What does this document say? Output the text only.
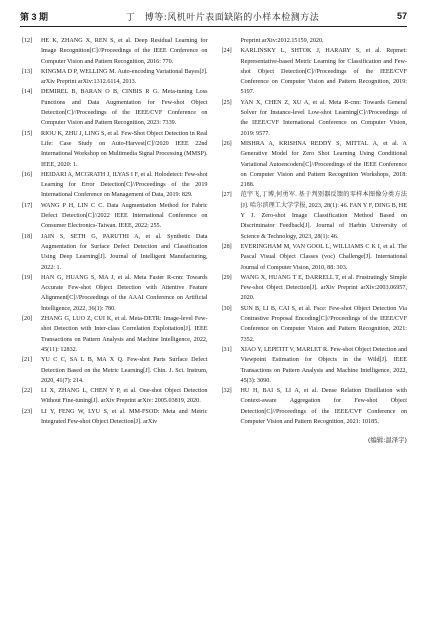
第 3 期	丁　博等:风机叶片表面缺陷的小样本检测方法	57
[12]	HE K, ZHANG X, REN S, et al. Deep Residual Learning for Image Recognition[C]//Proceedings of the IEEE Conference on Computer Vision and Pattern Recognition, 2016: 770.
[13]	KINGMA D P, WELLING M. Auto-encoding Variational Bayes[J]. arXiv Preprint arXiv:1312.6114, 2013.
[14]	DEMIREL B, BARAN O B, CINBIS R G. Meta-tuning Loss Functions and Data Augmentation for Few-shot Object Detection[C]//Proceedings of the IEEE/CVF Conference on Computer Vision and Pattern Recognition, 2023: 7339.
[15]	RIOU K, ZHU J, LING S, et al. Few-Shot Object Detection in Real Life: Case Study on Auto-Harvest[C]//2020 IEEE 22nd International Workshop on Multimedia Signal Processing (MMSP). IEEE, 2020: 1.
[16]	HEIDARI A, MCGRATH J, ILYAS I F, et al. Holodetect: Few-shot Learning for Error Detection[C]//Proceedings of the 2019 International Conference on Management of Data, 2019: 829.
[17]	WANG P H, LIN C C. Data Augmentation Method for Fabric Defect Detection[C]//2022 IEEE International Conference on Consumer Electronics-Taiwan. IEEE, 2022: 255.
[18]	JAIN S, SETH G, PARUTHI A, et al. Synthetic Data Augmentation for Surface Defect Detection and Classification Using Deep Learning[J]. Journal of Intelligent Manufacturing, 2022: 1.
[19]	HAN G, HUANG S, MA J, et al. Meta Faster R-cnn: Towards Accurate Few-shot Object Detection with Attentive Feature Alignment[C]//Proceedings of the AAAI Conference on Artificial Intelligence, 2022, 36(1): 780.
[20]	ZHANG G, LUO Z, CUI K, et al. Meta-DETR: Image-level Few-shot Detection with Inter-class Correlation Exploitation[J]. IEEE Transactions on Pattern Analysis and Machine Intelligence, 2022, 45(11): 12832.
[21]	YU C C, SA L B, MA X Q. Few-shot Parts Surface Defect Detection Based on the Metric Learning[J]. Chin. J. Sci. Instrum, 2020, 41(7): 214.
[22]	LI X, ZHANG L, CHEN Y P, et al. One-shot Object Detection Without Fine-tuning[J]. arXiv Preprint arXiv: 2005.03819, 2020.
[23]	LI Y, FENG W, LYU S, et al. MM-FSOD: Meta and Metric Integrated Few-shot Object Detection[J]. arXiv
Preprint arXiv:2012.15159, 2020.
[24]	KARLINSKY L, SHTOK J, HARARY S, et al. Repmet: Representative-based Metric Learning for Classification and Few-shot Object Detection[C]//Proceedings of the IEEE/CVF Conference on Computer Vision and Pattern Recognition, 2019: 5197.
[25]	YAN X, CHEN Z, XU A, et al. Meta R-cnn: Towards General Solver for Instance-level Low-shot Learning[C]//Proceedings of the IEEE/CVF International Conference on Computer Vision, 2019: 9577.
[26]	MISHRA A, KRISHNA REDDY S, MITTAL A, et al. A Generative Model for Zero Shot Learning Using Conditional Variational Autoencoders[C]//Proceedings of the IEEE Conference on Computer Vision and Pattern Recognition Workshops, 2018: 2188.
[27]	范宇飞,丁博,何勇军. 基于判别器反馈的零样本图像分类方法[J]. 哈尔滨理工大学学报, 2023, 28(1): 46. FAN Y F, DING B, HE Y J. Zero-shot Image Classification Method Based on Discriminator Feedback[J]. Journal of Harbin University of Science & Technology, 2023, 28(1): 46.
[28]	EVERINGHAM M, VAN GOOL L, WILLIAMS C K I, et al. The Pascal Visual Object Classes (voc) Challenge[J]. International Journal of Computer Vision, 2010, 88: 303.
[29]	WANG X, HUANG T E, DARRELL T, et al. Frustratingly Simple Few-shot Object Detection[J]. arXiv Preprint arXiv:2003.06957, 2020.
[30]	SUN B, LI B, CAI S, et al. Fsce: Few-shot Object Detection Via Contrastive Proposal Encoding[C]//Proceedings of the IEEE/CVF Conference on Computer Vision and Pattern Recognition, 2021: 7352.
[31]	XIAO Y, LEPETIT V, MARLET R. Few-shot Object Detection and Viewpoint Estimation for Objects in the Wild[J]. IEEE Transactions on Pattern Analysis and Machine Intelligence, 2022, 45(3): 3090.
[32]	HU H, BAI S, LI A, et al. Dense Relation Distillation with Context-aware Aggregation for Few-shot Object Detection[C]//Proceedings of the IEEE/CVF Conference on Computer Vision and Pattern Recognition, 2021: 10185.
(编辑:温泽宇)
